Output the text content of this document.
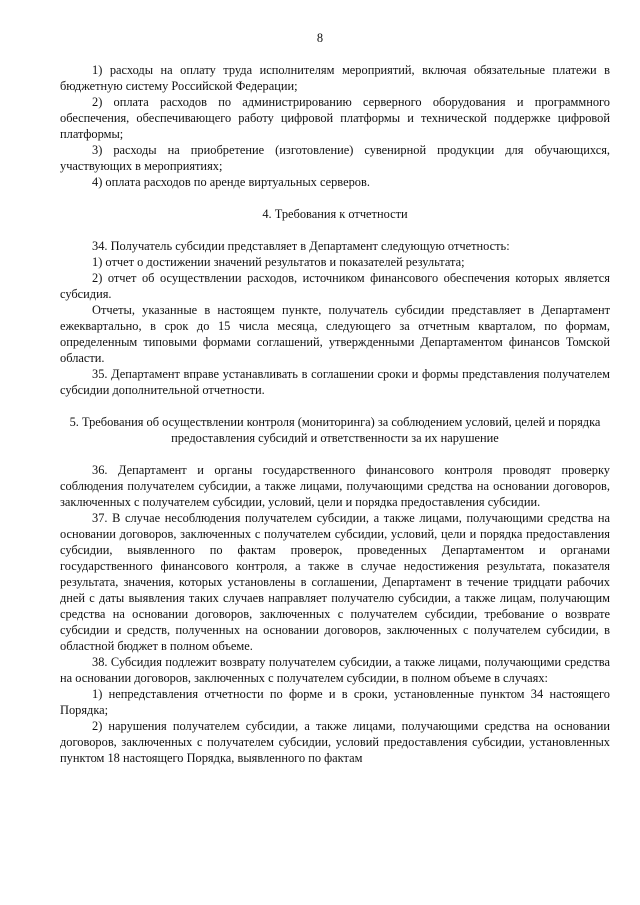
8

1) расходы на оплату труда исполнителям мероприятий, включая обязательные платежи в бюджетную систему Российской Федерации;

2) оплата расходов по администрированию серверного оборудования и программного обеспечения, обеспечивающего работу цифровой платформы и технической поддержке цифровой платформы;

3) расходы на приобретение (изготовление) сувенирной продукции для обучающихся, участвующих в мероприятиях;

4) оплата расходов по аренде виртуальных серверов.

4. Требования к отчетности

34. Получатель субсидии представляет в Департамент следующую отчетность:

1) отчет о достижении значений результатов и показателей результата;

2) отчет об осуществлении расходов, источником финансового обеспечения которых является субсидия.

Отчеты, указанные в настоящем пункте, получатель субсидии представляет в Департамент ежеквартально, в срок до 15 числа месяца, следующего за отчетным кварталом, по формам, определенным типовыми формами соглашений, утвержденными Департаментом финансов Томской области.

35. Департамент вправе устанавливать в соглашении сроки и формы представления получателем субсидии дополнительной отчетности.

5. Требования об осуществлении контроля (мониторинга) за соблюдением условий, целей и порядка предоставления субсидий и ответственности за их нарушение

36. Департамент и органы государственного финансового контроля проводят проверку соблюдения получателем субсидии, а также лицами, получающими средства на основании договоров, заключенных с получателем субсидии, условий, цели и порядка предоставления субсидии.

37. В случае несоблюдения получателем субсидии, а также лицами, получающими средства на основании договоров, заключенных с получателем субсидии, условий, цели и порядка предоставления субсидии, выявленного по фактам проверок, проведенных Департаментом и органами государственного финансового контроля, а также в случае недостижения результата, показателя результата, значения, которых установлены в соглашении, Департамент в течение тридцати рабочих дней с даты выявления таких случаев направляет получателю субсидии, а также лицам, получающим средства на основании договоров, заключенных с получателем субсидии, требование о возврате субсидии и средств, полученных на основании договоров, заключенных с получателем субсидии, в областной бюджет в полном объеме.

38. Субсидия подлежит возврату получателем субсидии, а также лицами, получающими средства на основании договоров, заключенных с получателем субсидии, в полном объеме в случаях:

1) непредставления отчетности по форме и в сроки, установленные пунктом 34 настоящего Порядка;

2) нарушения получателем субсидии, а также лицами, получающими средства на основании договоров, заключенных с получателем субсидии, условий предоставления субсидии, установленных пунктом 18 настоящего Порядка, выявленного по фактам
